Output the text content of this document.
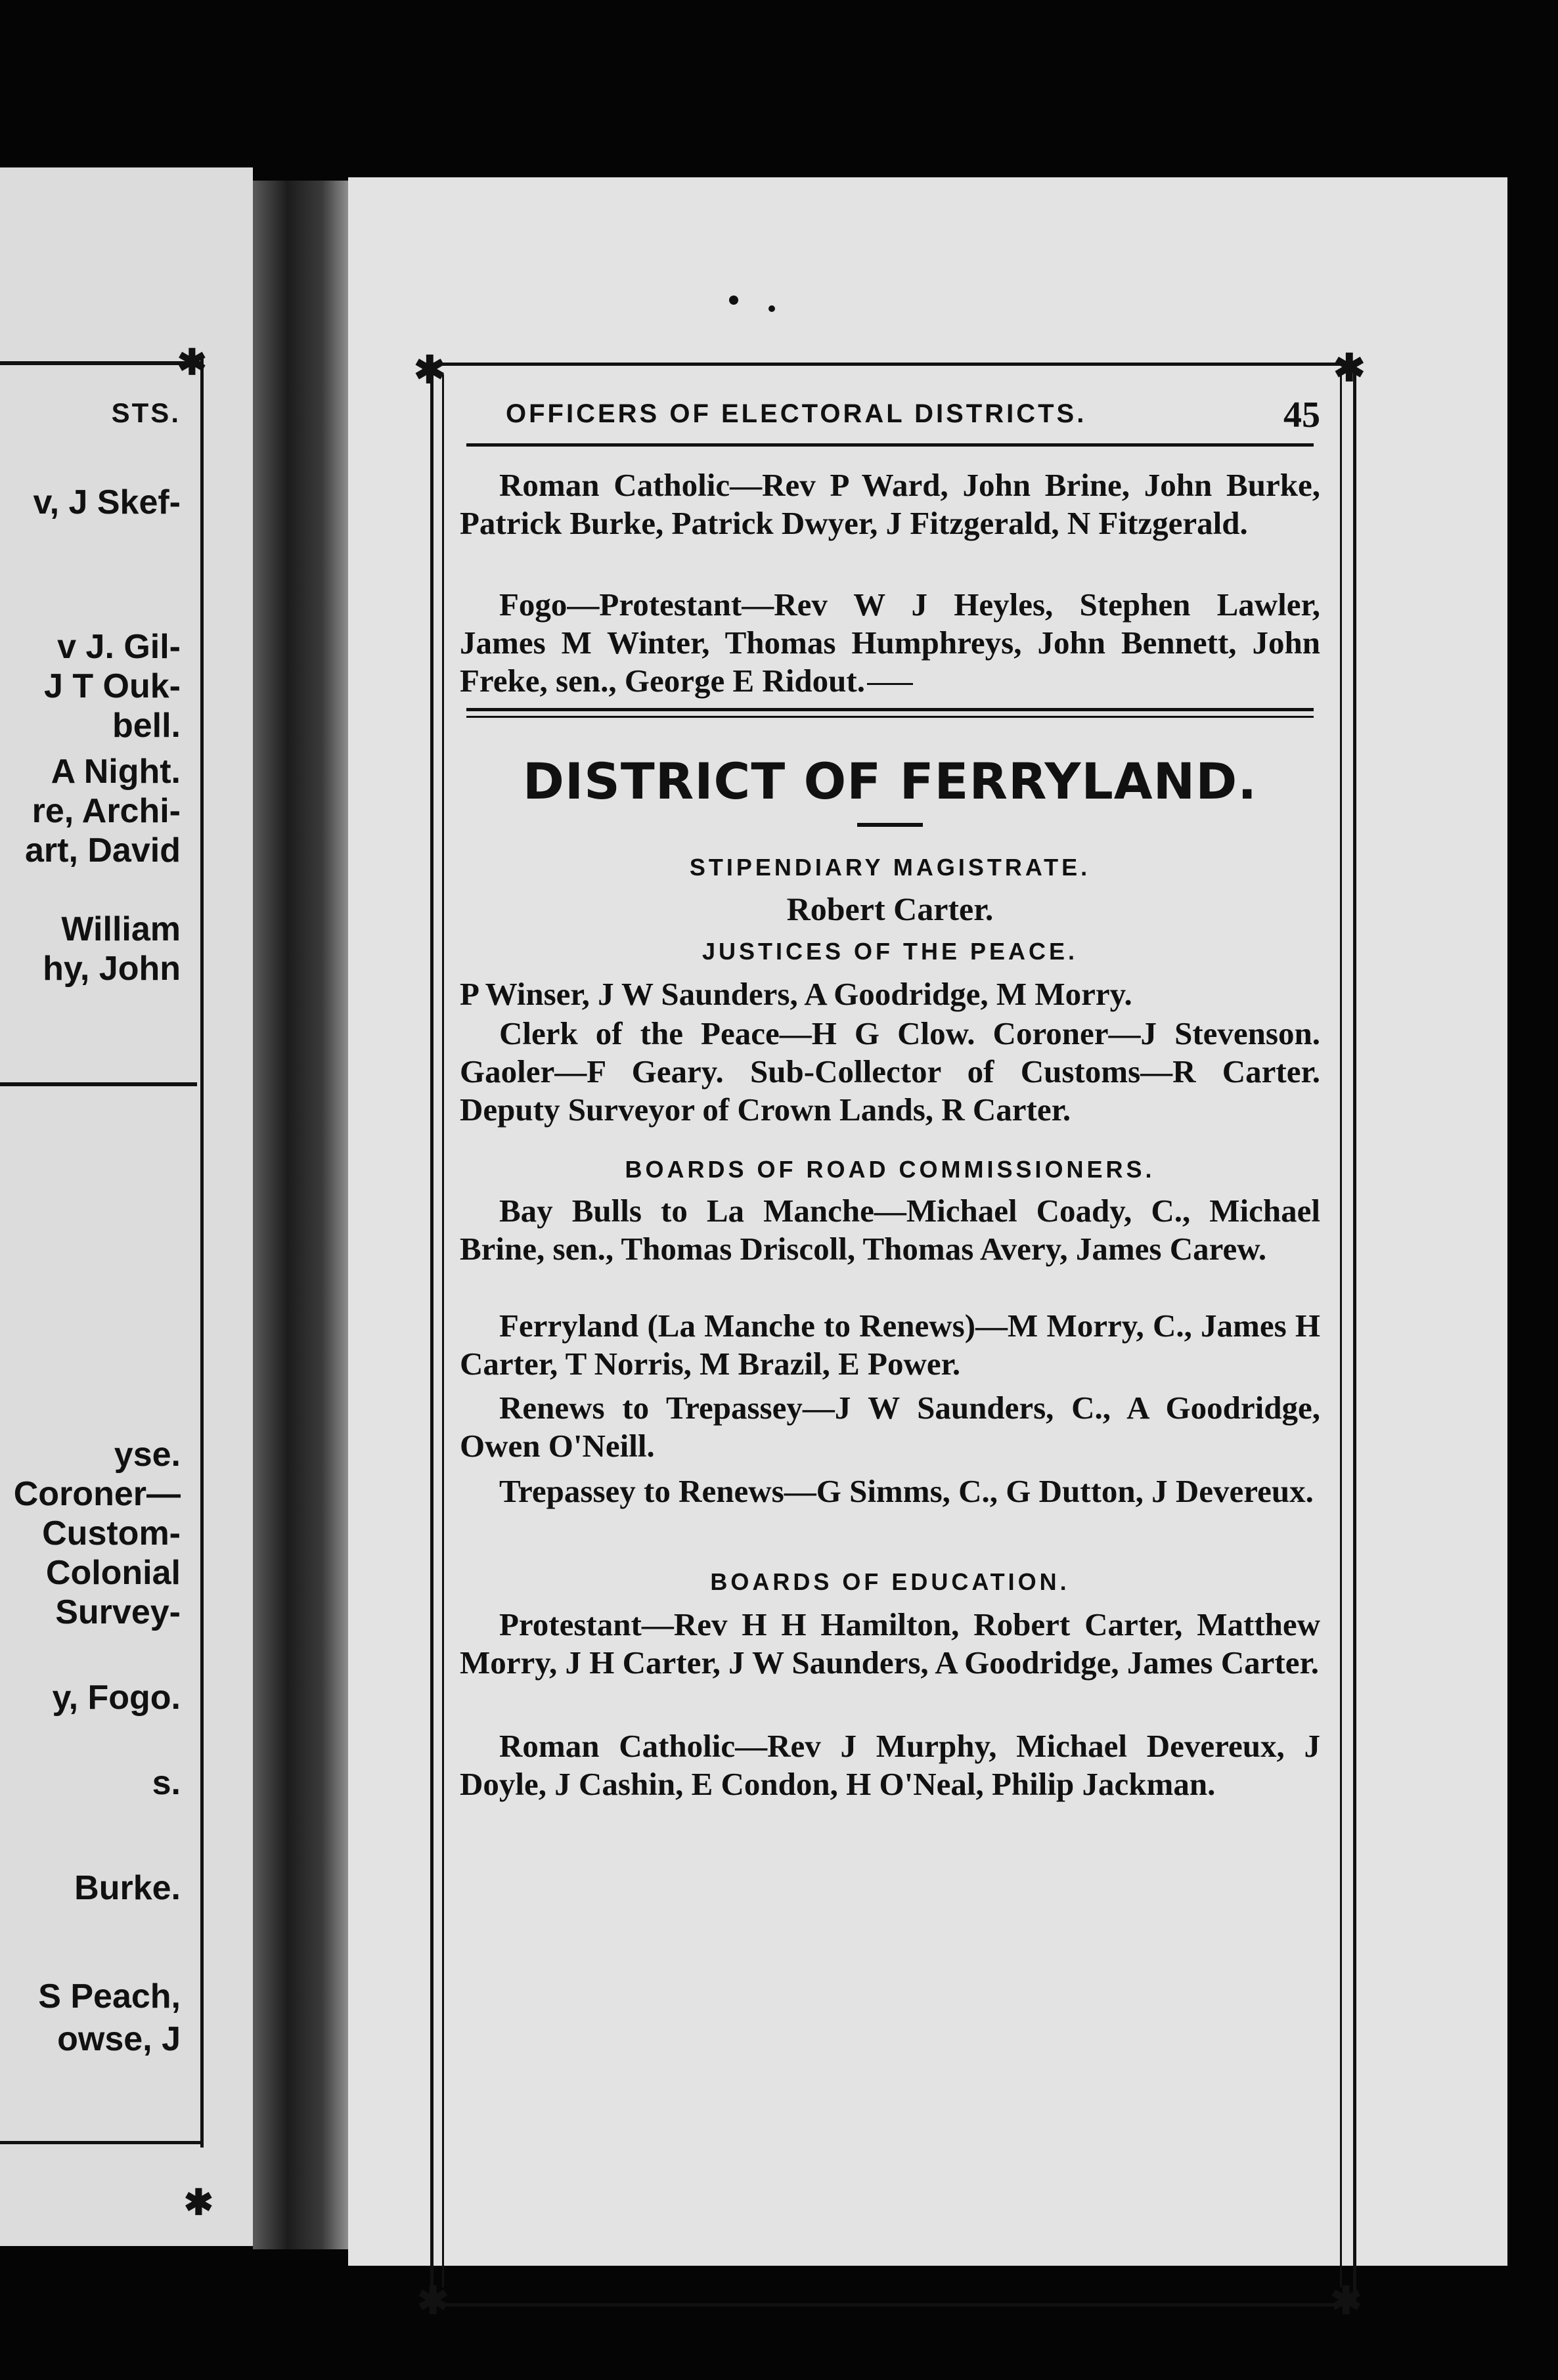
✱
✱
STS.
v, J Skef-
v J. Gil-
J T Ouk-
bell.
A Night.
re, Archi-
art, David
William
hy, John
yse.
Coroner—
Custom-
Colonial
Survey-
y, Fogo.
s.
Burke.
S Peach,
owse, J
✱	✱
✱	✱
OFFICERS OF ELECTORAL DISTRICTS.	45

Roman Catholic—Rev P Ward, John Brine, John Burke, Patrick Burke, Patrick Dwyer, J Fitzgerald, N Fitzgerald.

Fogo—Protestant—Rev W J Heyles, Stephen Lawler, James M Winter, Thomas Humphreys, John Bennett, John Freke, sen., George E Ridout.

DISTRICT OF FERRYLAND.
STIPENDIARY MAGISTRATE.
Robert Carter.
JUSTICES OF THE PEACE.

P Winser, J W Saunders, A Goodridge, M Morry.

Clerk of the Peace—H G Clow. Coroner—J Stevenson. Gaoler—F Geary. Sub-Collector of Customs—R Carter. Deputy Surveyor of Crown Lands, R Carter.

BOARDS OF ROAD COMMISSIONERS.

Bay Bulls to La Manche—Michael Coady, C., Michael Brine, sen., Thomas Driscoll, Thomas Avery, James Carew.

Ferryland (La Manche to Renews)—M Morry, C., James H Carter, T Norris, M Brazil, E Power.

Renews to Trepassey—J W Saunders, C., A Goodridge, Owen O'Neill.

Trepassey to Renews—G Simms, C., G Dutton, J Devereux.

BOARDS OF EDUCATION.

Protestant—Rev H H Hamilton, Robert Carter, Matthew Morry, J H Carter, J W Saunders, A Goodridge, James Carter.

Roman Catholic—Rev J Murphy, Michael Devereux, J Doyle, J Cashin, E Condon, H O'Neal, Philip Jackman.
